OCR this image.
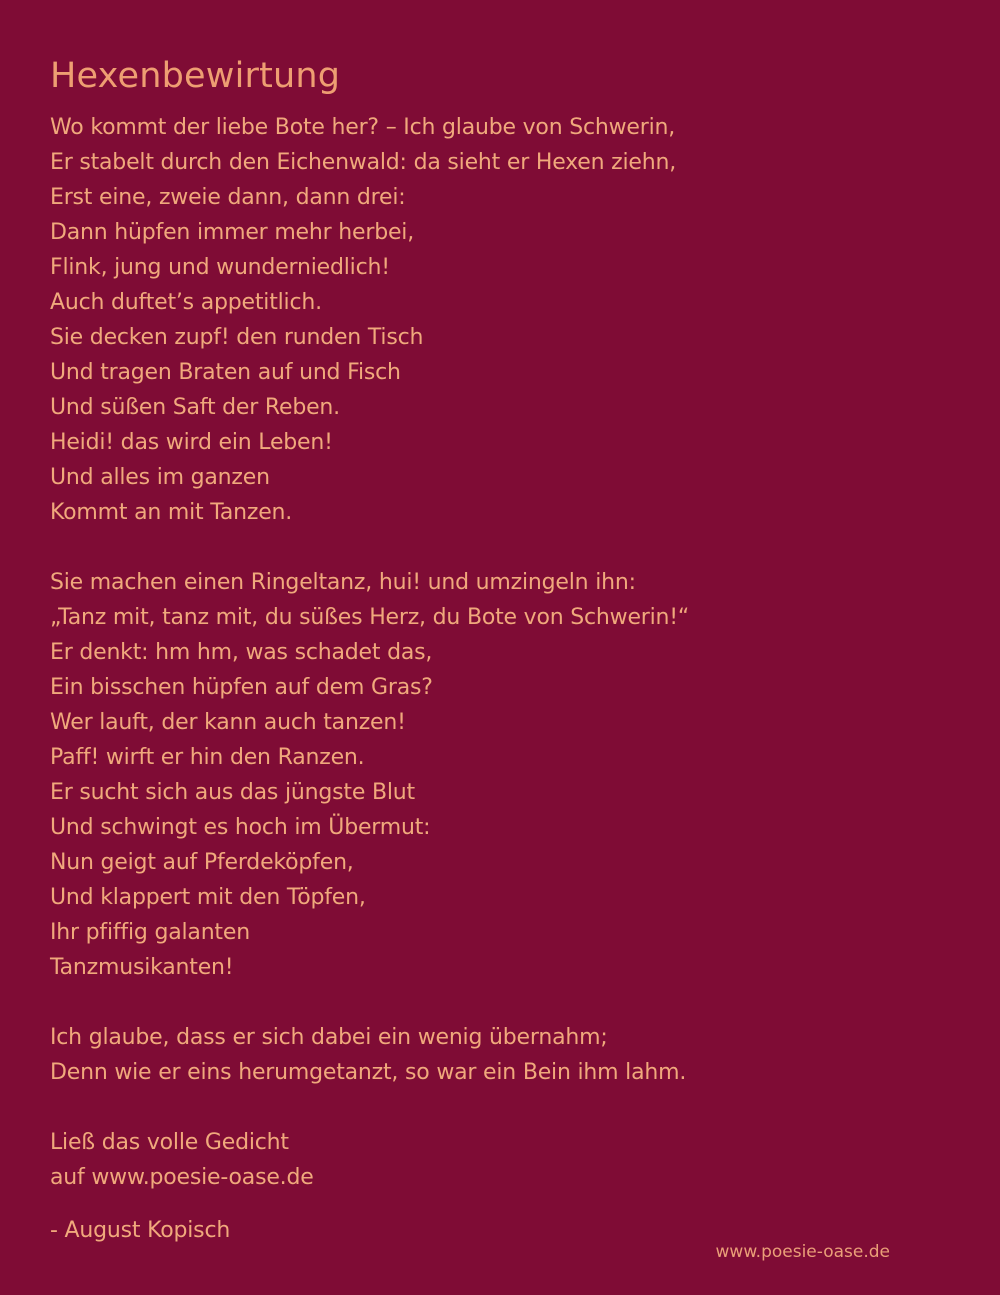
Hexenbewirtung
Wo kommt der liebe Bote her? – Ich glaube von Schwerin,
Er stabelt durch den Eichenwald: da sieht er Hexen ziehn,
Erst eine, zweie dann, dann drei:
Dann hüpfen immer mehr herbei,
Flink, jung und wunderniedlich!
Auch duftet’s appetitlich.
Sie decken zupf! den runden Tisch
Und tragen Braten auf und Fisch
Und süßen Saft der Reben.
Heidi! das wird ein Leben!
Und alles im ganzen
Kommt an mit Tanzen.
Sie machen einen Ringeltanz, hui! und umzingeln ihn:
„Tanz mit, tanz mit, du süßes Herz, du Bote von Schwerin!“
Er denkt: hm hm, was schadet das,
Ein bisschen hüpfen auf dem Gras?
Wer lauft, der kann auch tanzen!
Paff! wirft er hin den Ranzen.
Er sucht sich aus das jüngste Blut
Und schwingt es hoch im Übermut:
Nun geigt auf Pferdeköpfen,
Und klappert mit den Töpfen,
Ihr pfiffig galanten
Tanzmusikanten!
Ich glaube, dass er sich dabei ein wenig übernahm;
Denn wie er eins herumgetanzt, so war ein Bein ihm lahm.
Ließ das volle Gedicht
auf www.poesie-oase.de
- August Kopisch
www.poesie-oase.de
